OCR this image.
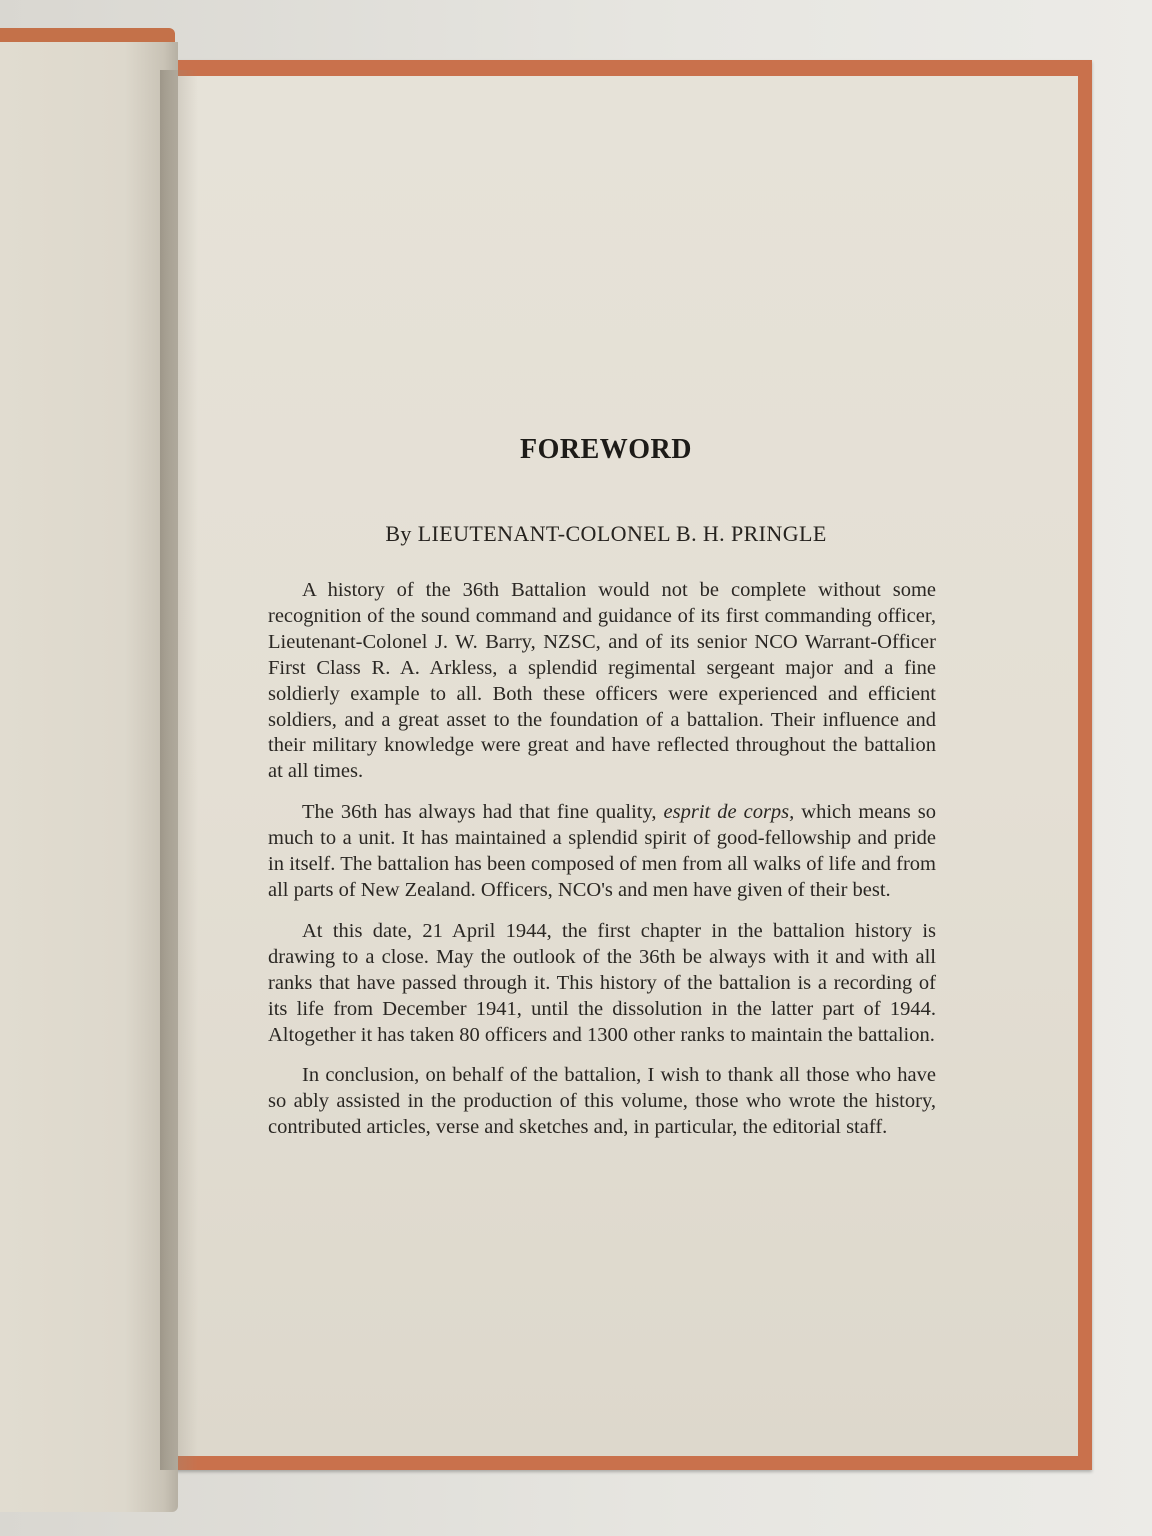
FOREWORD
By LIEUTENANT-COLONEL B. H. PRINGLE

A history of the 36th Battalion would not be complete without some recognition of the sound command and guidance of its first commanding officer, Lieutenant-Colonel J. W. Barry, NZSC, and of its senior NCO Warrant-Officer First Class R. A. Arkless, a splendid regimental sergeant major and a fine soldierly example to all. Both these officers were experienced and efficient soldiers, and a great asset to the foundation of a battalion. Their influence and their military knowledge were great and have reflected throughout the battalion at all times.

The 36th has always had that fine quality, esprit de corps, which means so much to a unit. It has maintained a splendid spirit of good-fellowship and pride in itself. The battalion has been composed of men from all walks of life and from all parts of New Zealand. Officers, NCO's and men have given of their best.

At this date, 21 April 1944, the first chapter in the battalion history is drawing to a close. May the outlook of the 36th be always with it and with all ranks that have passed through it. This history of the battalion is a recording of its life from December 1941, until the dissolution in the latter part of 1944. Altogether it has taken 80 officers and 1300 other ranks to maintain the battalion.

In conclusion, on behalf of the battalion, I wish to thank all those who have so ably assisted in the production of this volume, those who wrote the history, contributed articles, verse and sketches and, in particular, the editorial staff.
